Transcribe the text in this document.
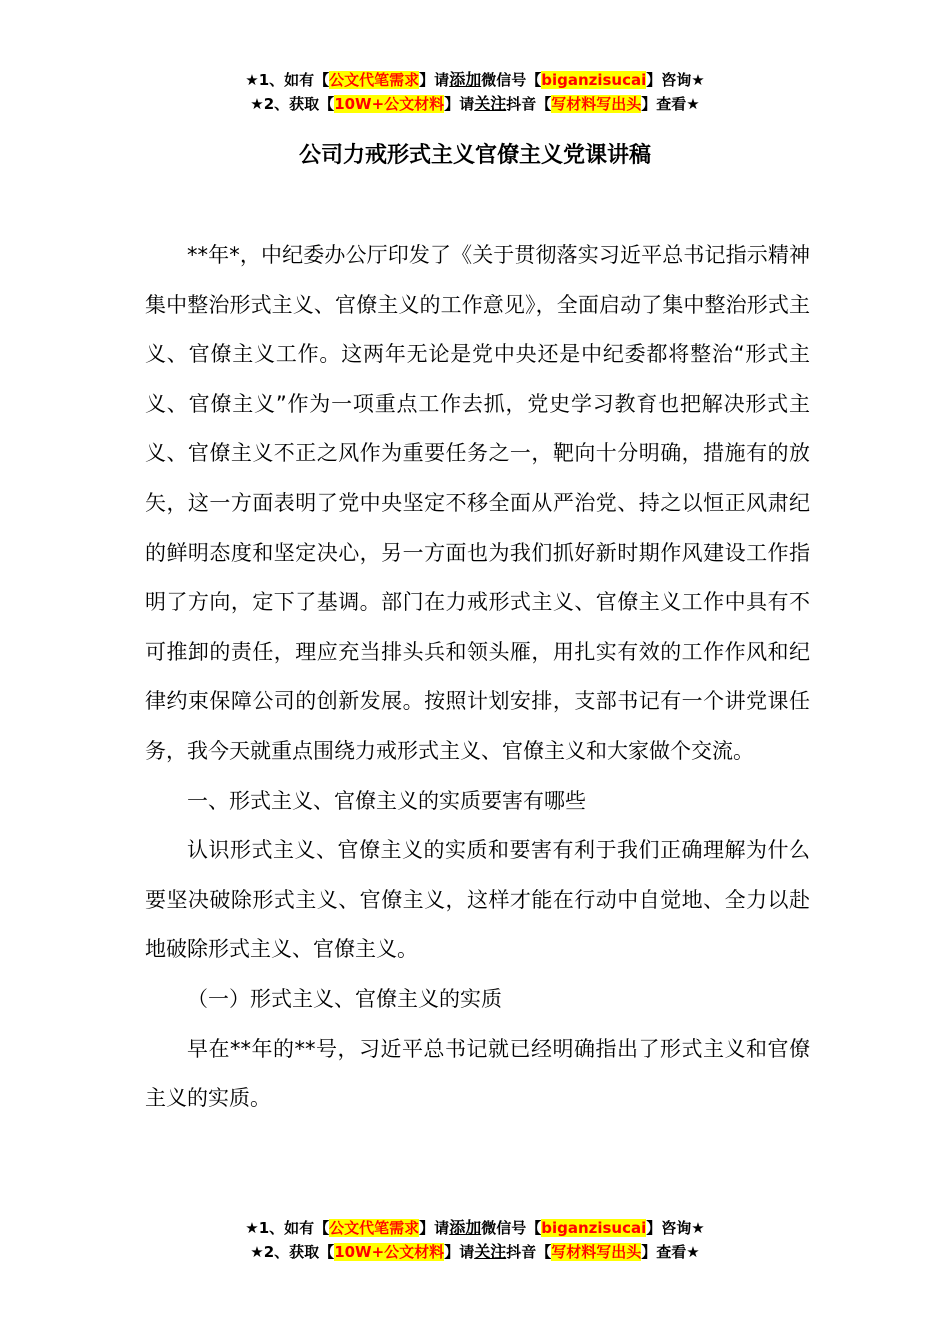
★1、如有【公文代笔需求】请添加微信号【biganzisucai】咨询★
★2、获取【10W+公文材料】请关注抖音【写材料写出头】查看★
公司力戒形式主义官僚主义党课讲稿

**年*，中纪委办公厅印发了《关于贯彻落实习近平总书记指示精神集中整治形式主义、官僚主义的工作意见》，全面启动了集中整治形式主义、官僚主义工作。这两年无论是党中央还是中纪委都将整治“形式主义、官僚主义”作为一项重点工作去抓，党史学习教育也把解决形式主义、官僚主义不正之风作为重要任务之一，靶向十分明确，措施有的放矢，这一方面表明了党中央坚定不移全面从严治党、持之以恒正风肃纪的鲜明态度和坚定决心，另一方面也为我们抓好新时期作风建设工作指明了方向，定下了基调。部门在力戒形式主义、官僚主义工作中具有不可推卸的责任，理应充当排头兵和领头雁，用扎实有效的工作作风和纪律约束保障公司的创新发展。按照计划安排，支部书记有一个讲党课任务，我今天就重点围绕力戒形式主义、官僚主义和大家做个交流。

一、形式主义、官僚主义的实质要害有哪些

认识形式主义、官僚主义的实质和要害有利于我们正确理解为什么要坚决破除形式主义、官僚主义，这样才能在行动中自觉地、全力以赴地破除形式主义、官僚主义。

（一）形式主义、官僚主义的实质

早在**年的**号，习近平总书记就已经明确指出了形式主义和官僚主义的实质。

★1、如有【公文代笔需求】请添加微信号【biganzisucai】咨询★
★2、获取【10W+公文材料】请关注抖音【写材料写出头】查看★
